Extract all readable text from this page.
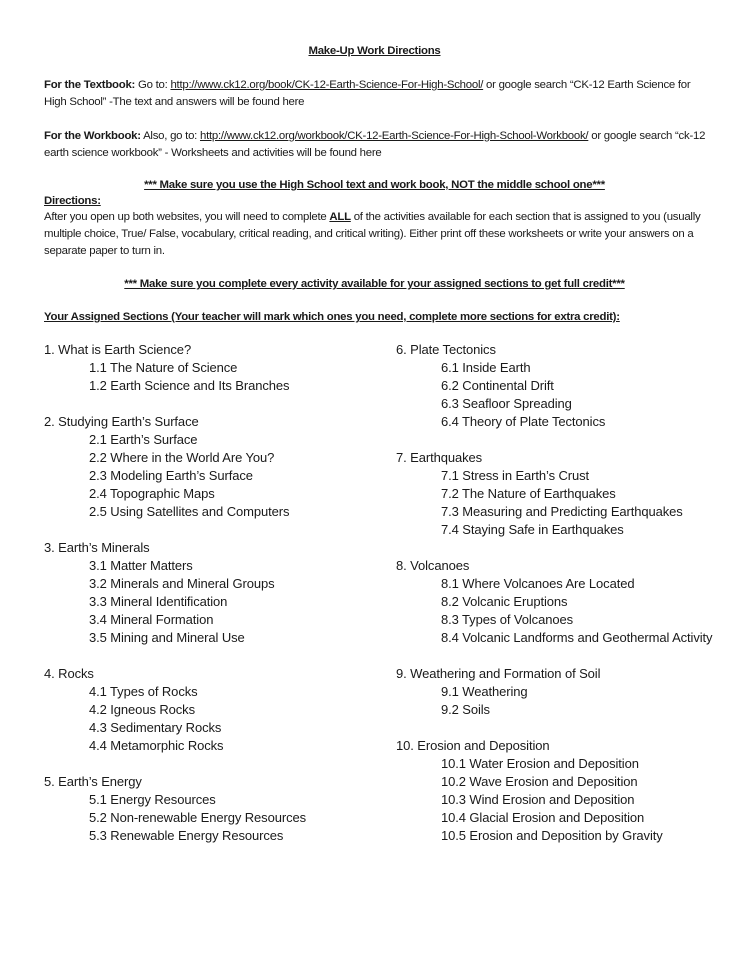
Make-Up Work Directions
For the Textbook: Go to: http://www.ck12.org/book/CK-12-Earth-Science-For-High-School/ or google search “CK-12 Earth Science for High School” -The text and answers will be found here
For the Workbook: Also, go to: http://www.ck12.org/workbook/CK-12-Earth-Science-For-High-School-Workbook/ or google search “ck-12 earth science workbook” - Worksheets and activities will be found here
*** Make sure you use the High School text and work book, NOT the middle school one***
Directions:
After you open up both websites, you will need to complete ALL of the activities available for each section that is assigned to you (usually multiple choice, True/ False, vocabulary, critical reading, and critical writing). Either print off these worksheets or write your answers on a separate paper to turn in.
*** Make sure you complete every activity available for your assigned sections to get full credit***
Your Assigned Sections (Your teacher will mark which ones you need, complete more sections for extra credit):
1. What is Earth Science?
1.1 The Nature of Science
1.2 Earth Science and Its Branches
2. Studying Earth’s Surface
2.1 Earth’s Surface
2.2 Where in the World Are You?
2.3 Modeling Earth’s Surface
2.4 Topographic Maps
2.5 Using Satellites and Computers
3. Earth’s Minerals
3.1 Matter Matters
3.2 Minerals and Mineral Groups
3.3 Mineral Identification
3.4 Mineral Formation
3.5 Mining and Mineral Use
4. Rocks
4.1 Types of Rocks
4.2 Igneous Rocks
4.3 Sedimentary Rocks
4.4 Metamorphic Rocks
5. Earth’s Energy
5.1 Energy Resources
5.2 Non-renewable Energy Resources
5.3 Renewable Energy Resources
6. Plate Tectonics
6.1 Inside Earth
6.2 Continental Drift
6.3 Seafloor Spreading
6.4 Theory of Plate Tectonics
7. Earthquakes
7.1 Stress in Earth’s Crust
7.2 The Nature of Earthquakes
7.3 Measuring and Predicting Earthquakes
7.4 Staying Safe in Earthquakes
8. Volcanoes
8.1 Where Volcanoes Are Located
8.2 Volcanic Eruptions
8.3 Types of Volcanoes
8.4 Volcanic Landforms and Geothermal Activity
9. Weathering and Formation of Soil
9.1 Weathering
9.2 Soils
10. Erosion and Deposition
10.1 Water Erosion and Deposition
10.2 Wave Erosion and Deposition
10.3 Wind Erosion and Deposition
10.4 Glacial Erosion and Deposition
10.5 Erosion and Deposition by Gravity
